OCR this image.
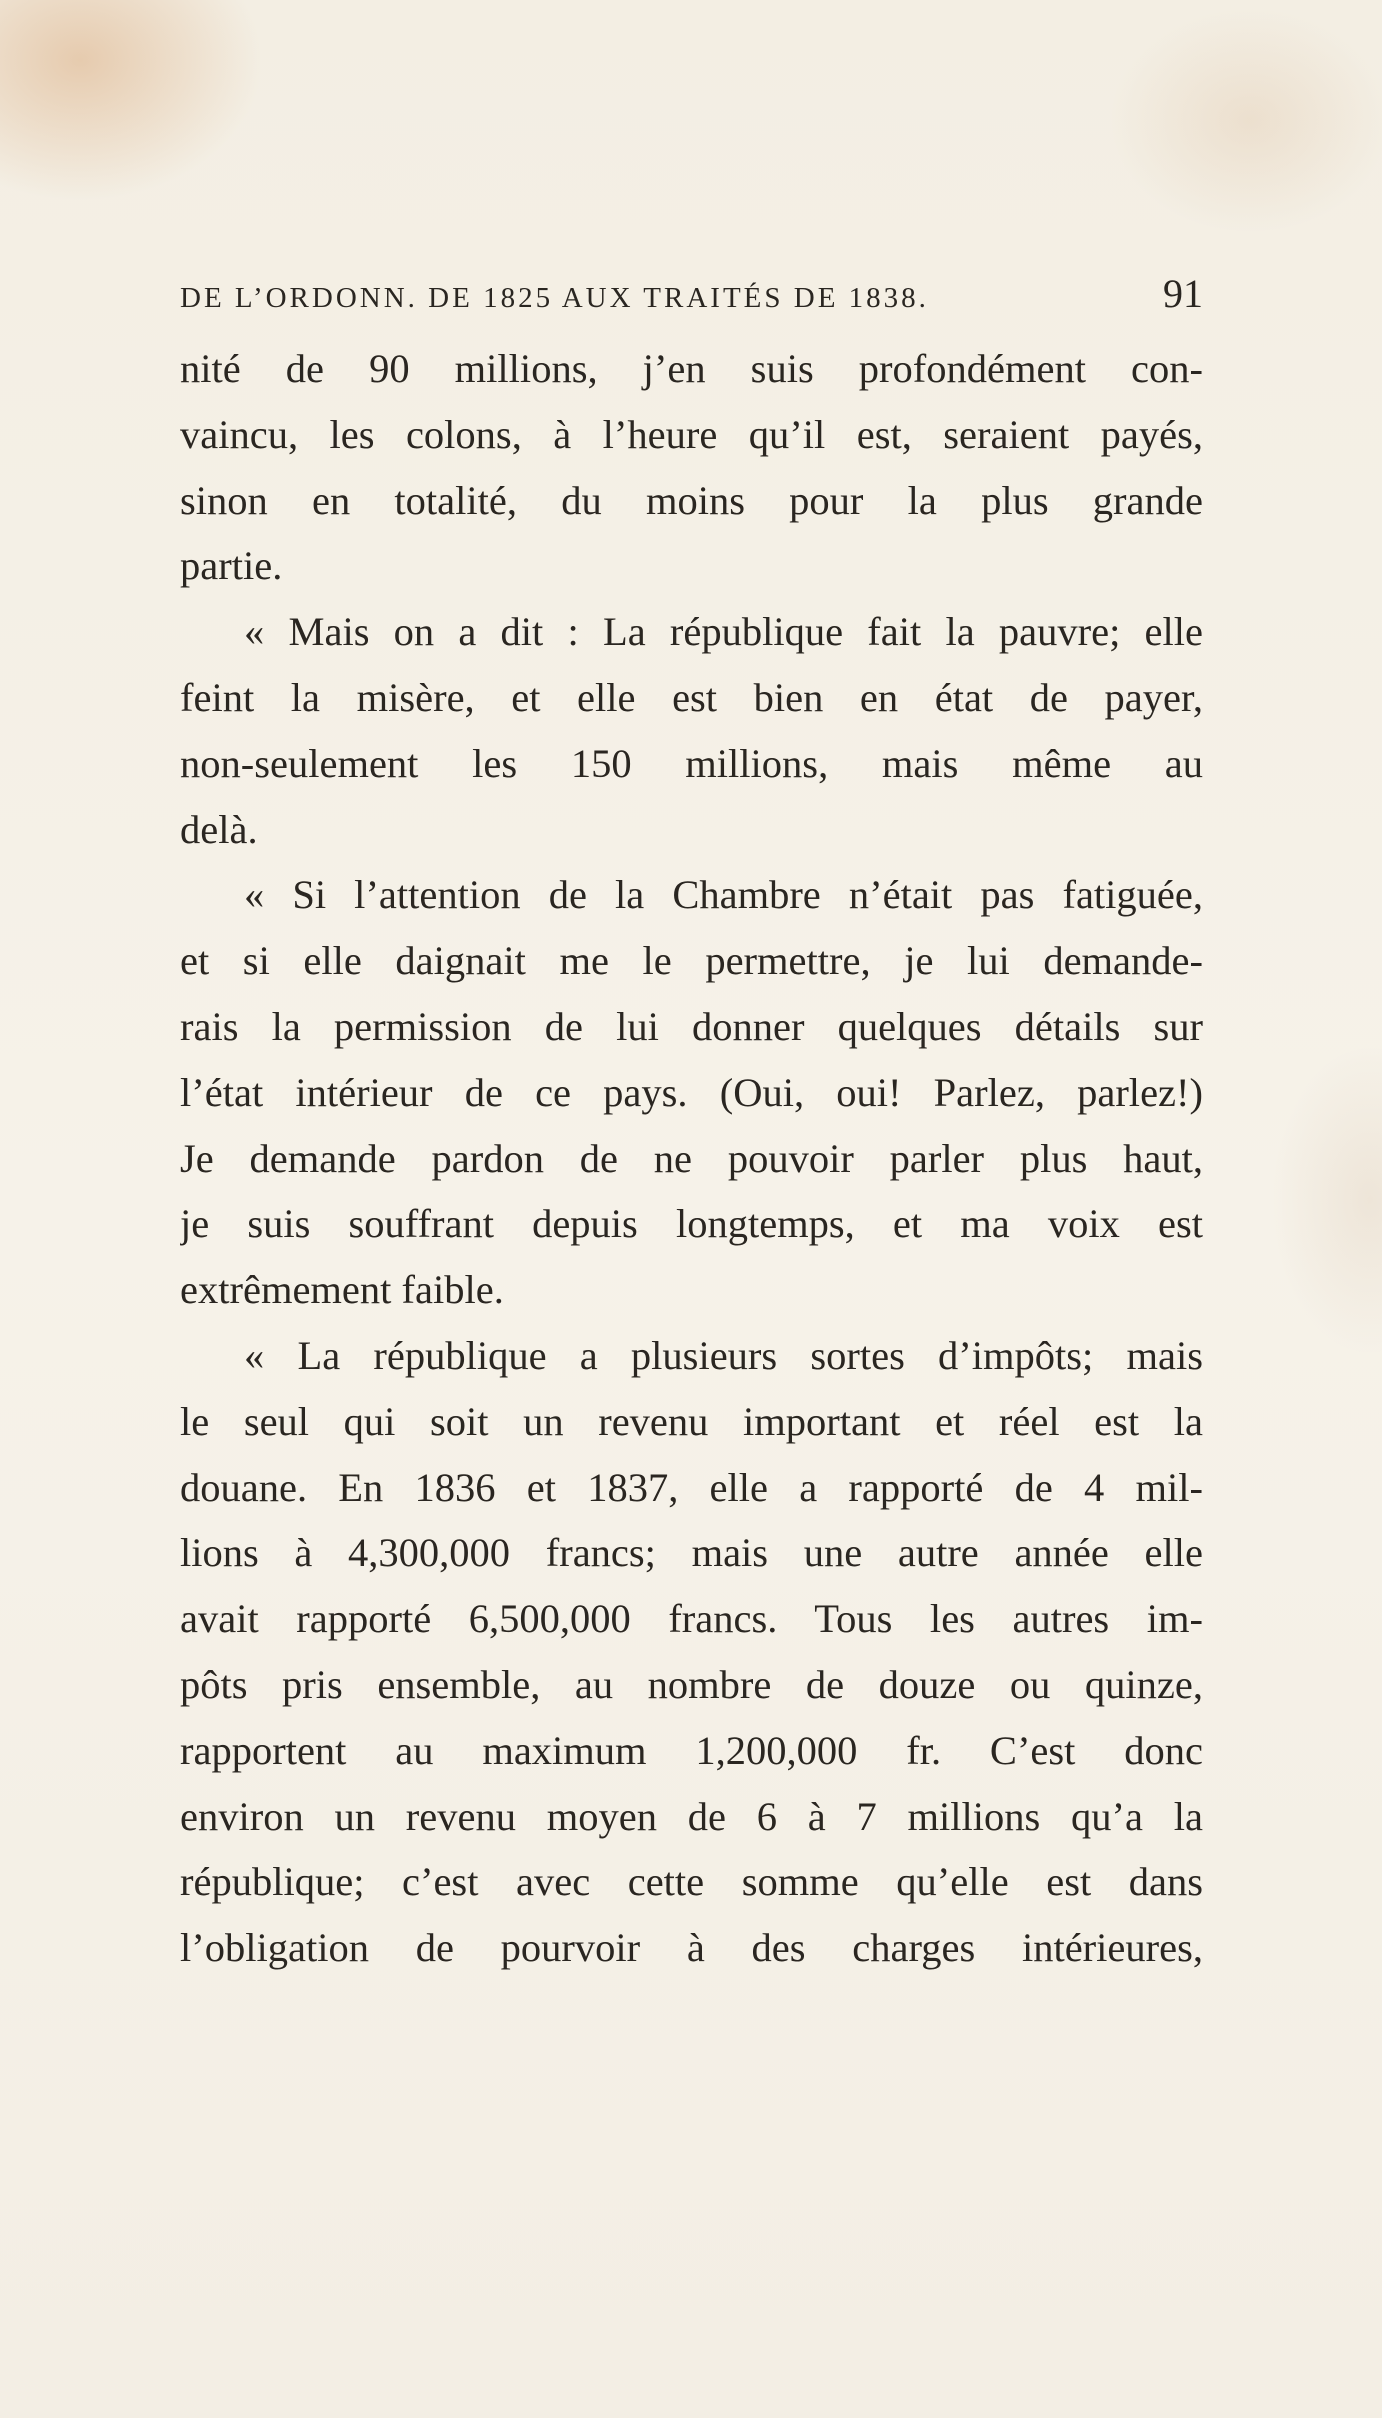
DE L’ORDONN. DE 1825 AUX TRAITÉS DE 1838.	91
nité de 90 millions, j’en suis profondément con-
vaincu, les colons, à l’heure qu’il est, seraient payés,
sinon en totalité, du moins pour la plus grande
partie.
« Mais on a dit : La république fait la pauvre; elle
feint la misère, et elle est bien en état de payer,
non-seulement les 150 millions, mais même au
delà.
« Si l’attention de la Chambre n’était pas fatiguée,
et si elle daignait me le permettre, je lui demande-
rais la permission de lui donner quelques détails sur
l’état intérieur de ce pays. (Oui, oui! Parlez, parlez!)
Je demande pardon de ne pouvoir parler plus haut,
je suis souffrant depuis longtemps, et ma voix est
extrêmement faible.
« La république a plusieurs sortes d’impôts; mais
le seul qui soit un revenu important et réel est la
douane. En 1836 et 1837, elle a rapporté de 4 mil-
lions à 4,300,000 francs; mais une autre année elle
avait rapporté 6,500,000 francs. Tous les autres im-
pôts pris ensemble, au nombre de douze ou quinze,
rapportent au maximum 1,200,000 fr. C’est donc
environ un revenu moyen de 6 à 7 millions qu’a la
république; c’est avec cette somme qu’elle est dans
l’obligation de pourvoir à des charges intérieures,
